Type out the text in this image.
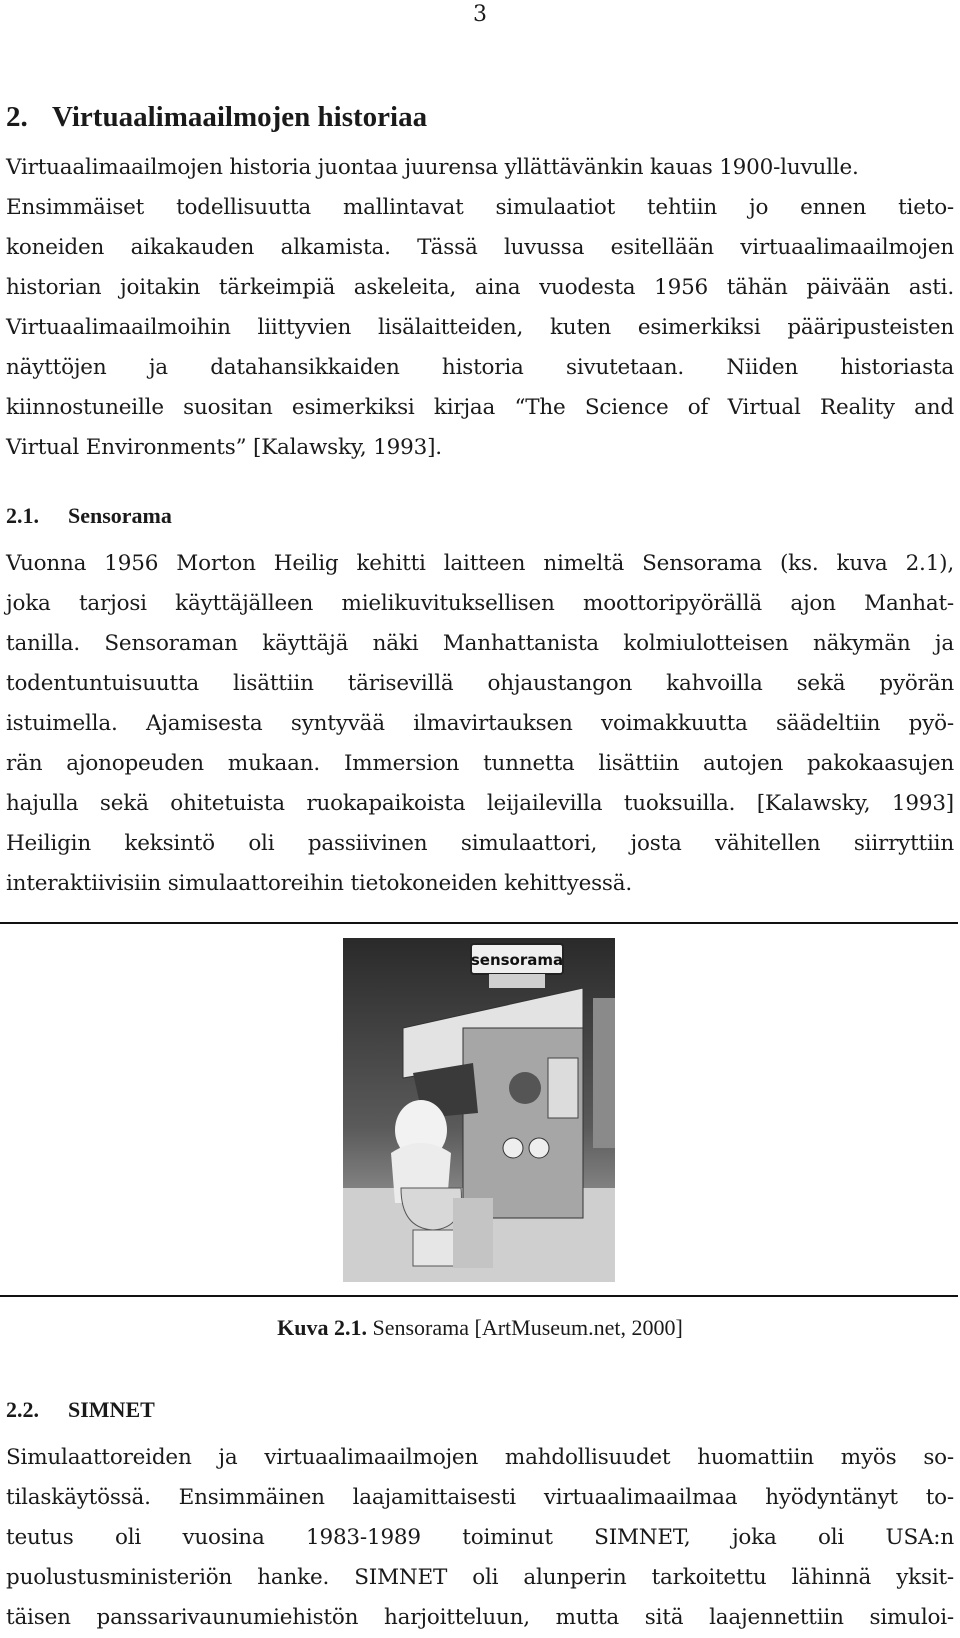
3
2. Virtuaalimaailmojen historiaa
Virtuaalimaailmojen historia juontaa juurensa yllättävänkin kauas 1900-luvulle.
Ensimmäiset todellisuutta mallintavat simulaatiot tehtiin jo ennen tieto-
koneiden aikakauden alkamista. Tässä luvussa esitellään virtuaalimaailmojen
historian joitakin tärkeimpiä askeleita, aina vuodesta 1956 tähän päivään asti.
Virtuaalimaailmoihin liittyvien lisälaitteiden, kuten esimerkiksi pääripusteisten
näyttöjen ja datahansikkaiden historia sivutetaan. Niiden historiasta
kiinnostuneille suositan esimerkiksi kirjaa “The Science of Virtual Reality and
Virtual Environments” [Kalawsky, 1993].
2.1. Sensorama
Vuonna 1956 Morton Heilig kehitti laitteen nimeltä Sensorama (ks. kuva 2.1),
joka tarjosi käyttäjälleen mielikuvituksellisen moottoripyörällä ajon Manhat-
tanilla. Sensoraman käyttäjä näki Manhattanista kolmiulotteisen näkymän ja
todentuntuisuutta lisättiin tärisevillä ohjaustangon kahvoilla sekä pyörän
istuimella. Ajamisesta syntyvää ilmavirtauksen voimakkuutta säädeltiin pyö-
rän ajonopeuden mukaan. Immersion tunnetta lisättiin autojen pakokaasujen
hajulla sekä ohitetuista ruokapaikoista leijailevilla tuoksuilla. [Kalawsky, 1993]
Heiligin keksintö oli passiivinen simulaattori, josta vähitellen siirryttiin
interaktiivisiin simulaattoreihin tietokoneiden kehittyessä.
sensorama
Kuva 2.1. Sensorama [ArtMuseum.net, 2000]
2.2. SIMNET
Simulaattoreiden ja virtuaalimaailmojen mahdollisuudet huomattiin myös so-
tilaskäytössä. Ensimmäinen laajamittaisesti virtuaalimaailmaa hyödyntänyt to-
teutus oli vuosina 1983-1989 toiminut SIMNET, joka oli USA:n
puolustusministeriön hanke. SIMNET oli alunperin tarkoitettu lähinnä yksit-
täisen panssarivaunumiehistön harjoitteluun, mutta sitä laajennettiin simuloi-
